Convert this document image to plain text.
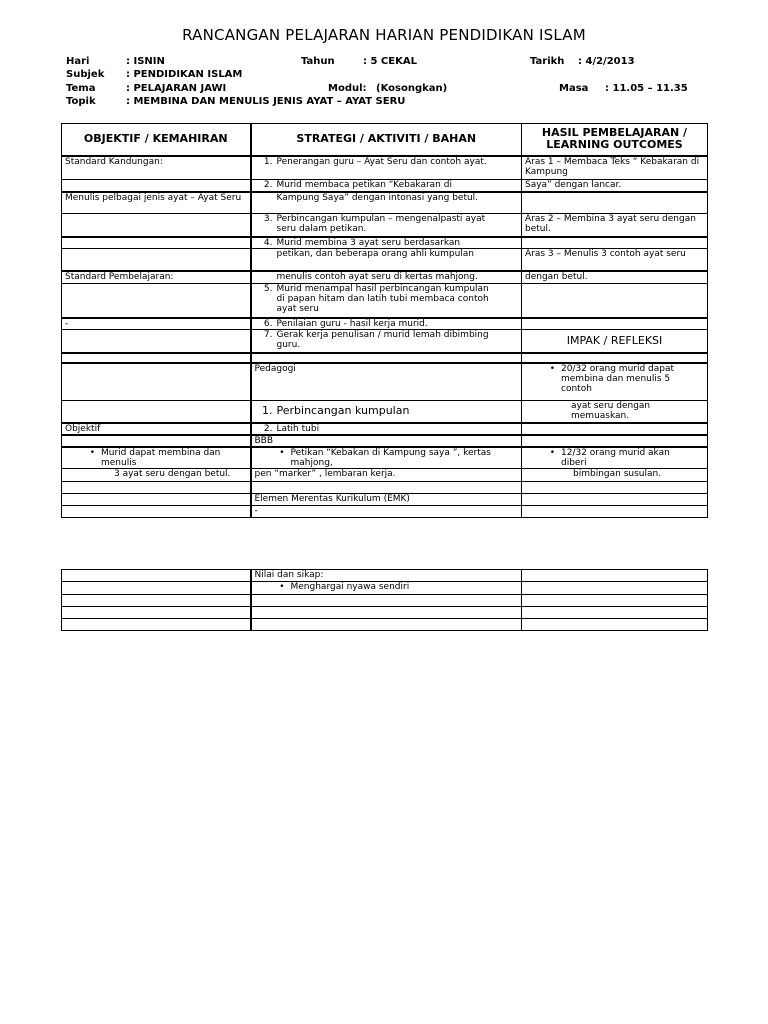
RANCANGAN PELAJARAN HARIAN PENDIDIKAN ISLAM
Hari	: ISNIN	Tahun	: 5 CEKAL	Tarikh : 4/2/2013
Subjek : PENDIDIKAN ISLAM
Tema	: PELAJARAN JAWI	Modul: (Kosongkan)	Masa : 11.05 – 11.35
Topik	: MEMBINA DAN MENULIS JENIS AYAT – AYAT SERU
OBJEKTIF / KEMAHIRAN	STRATEGI / AKTIVITI / BAHAN	HASIL PEMBELAJARAN / LEARNING OUTCOMES
Standard Kandungan:	1. Penerangan guru – Ayat Seru dan contoh ayat.	Aras 1 – Membaca Teks “ Kebakaran di Kampung
	2. Murid membaca petikan “Kebakaran di	Saya” dengan lancar.
Menulis pelbagai jenis ayat – Ayat Seru	Kampung Saya” dengan intonasi yang betul.	

	3. Perbincangan kumpulan – mengenalpasti ayat seru dalam petikan.	Aras 2 – Membina 3 ayat seru dengan betul.
	4. Murid membina 3 ayat seru berdasarkan	

	petikan, dan beberapa orang ahli kumpulan	Aras 3 – Menulis 3 contoh ayat seru
Standard Pembelajaran:	menulis contoh ayat seru di kertas mahjong.	dengan betul.
	5. Murid menampal hasil perbincangan kumpulan di papan hitam dan latih tubi membaca contoh ayat seru	
-	6. Penilaian guru - hasil kerja murid.	
	7. Gerak kerja penulisan / murid lemah dibimbing guru.	IMPAK / REFLEKSI

	Pedagogi	•20/32 orang murid dapat membina dan menulis 5 contoh
	1. Perbincangan kumpulan	ayat seru dengan memuaskan.

Objektif	2. Latih tubi	
	BBB	
•Murid dapat membina dan menulis	•Petikan “Kebakan di Kampung saya ”, kertas mahjong,	•12/32 orang murid akan diberi

3 ayat seru dengan betul.	pen “marker” , lembaran kerja.	bimbingan susulan.

	Elemen Merentas Kurikulum (EMK)	
	-	
	Nilai dan sikap:	
	•Menghargai nyawa sendiri	
